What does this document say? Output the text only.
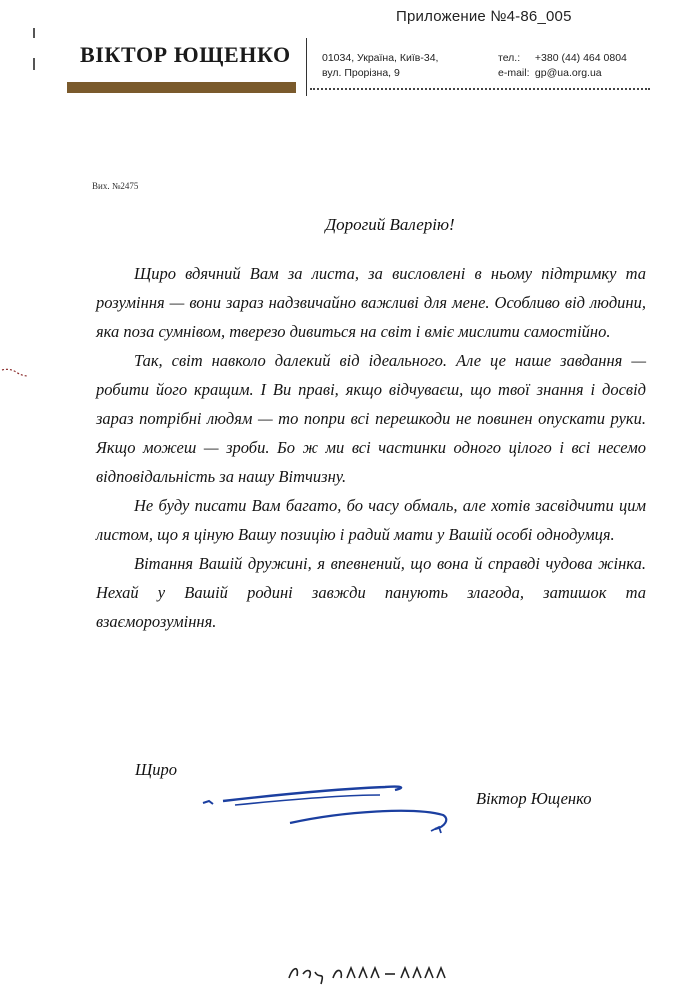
Приложение №4-86_005
ВІКТОР ЮЩЕНКО	01034, Україна, Київ-34,
вул. Прорізна, 9
тел.: +380 (44) 464 0804
e-mail: gp@ua.org.ua
Вих. №2475
Дорогий Валерію!

Щиро вдячний Вам за листа, за висловлені в ньому підтримку та розуміння — вони зараз надзвичайно важливі для мене. Особливо від людини, яка поза сумнівом, тверезо дивиться на світ і вміє мислити самостійно.

Так, світ навколо далекий від ідеального. Але це наше завдання — робити його кращим. І Ви праві, якщо відчуваєш, що твої знання і досвід зараз потрібні людям — то попри всі перешкоди не повинен опускати руки. Якщо можеш — зроби. Бо ж ми всі частинки одного цілого і всі несемо відповідальність за нашу Вітчизну.

Не буду писати Вам багато, бо часу обмаль, але хотів засвідчити цим листом, що я ціную Вашу позицію і радий мати у Вашій особі однодумця.

Вітання Вашій дружині, я впевнений, що вона й справді чудова жінка. Нехай у Вашій родині завжди панують злагода, затишок та взаєморозуміння.

Щиро
Віктор Ющенко
